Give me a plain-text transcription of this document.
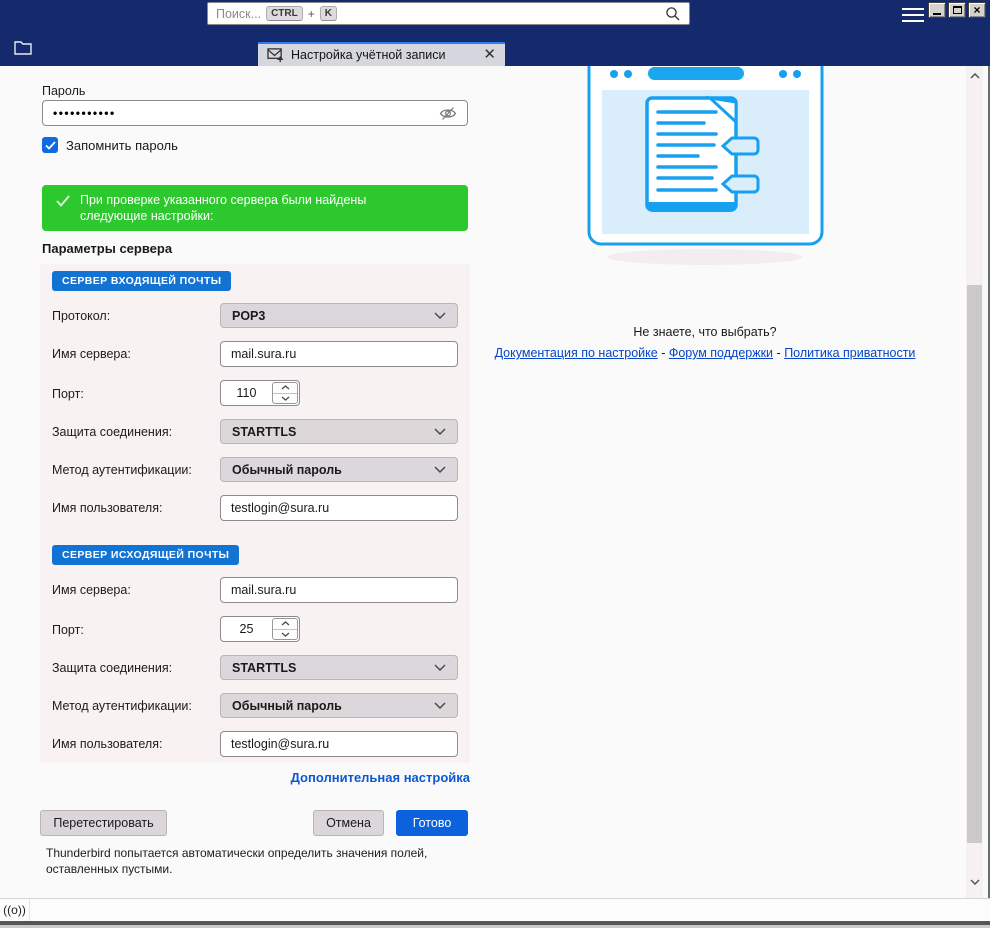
Поиск...	CTRL +	K	×
Настройка учётной записи	✕
Пароль
•••••••••••
Запомнить пароль
При проверке указанного сервера были найдены следующие настройки:
Параметры сервера
СЕРВЕР ВХОДЯЩЕЙ ПОЧТЫ
Протокол:	POP3
Имя сервера:
mail.sura.ru
Порт:	110
Защита соединения:	STARTTLS
Метод аутентификации:	Обычный пароль
Имя пользователя:
testlogin@sura.ru
СЕРВЕР ИСХОДЯЩЕЙ ПОЧТЫ
Имя сервера:
mail.sura.ru
Порт:	25
Защита соединения:	STARTTLS
Метод аутентификации:	Обычный пароль
Имя пользователя:
testlogin@sura.ru
Дополнительная настройка
Перетестировать	Отмена	Готово
Thunderbird попытается автоматически определить значения полей,
оставленных пустыми.
Не знаете, что выбрать?
Документация по настройке - Форум поддержки - Политика приватности
((o))
